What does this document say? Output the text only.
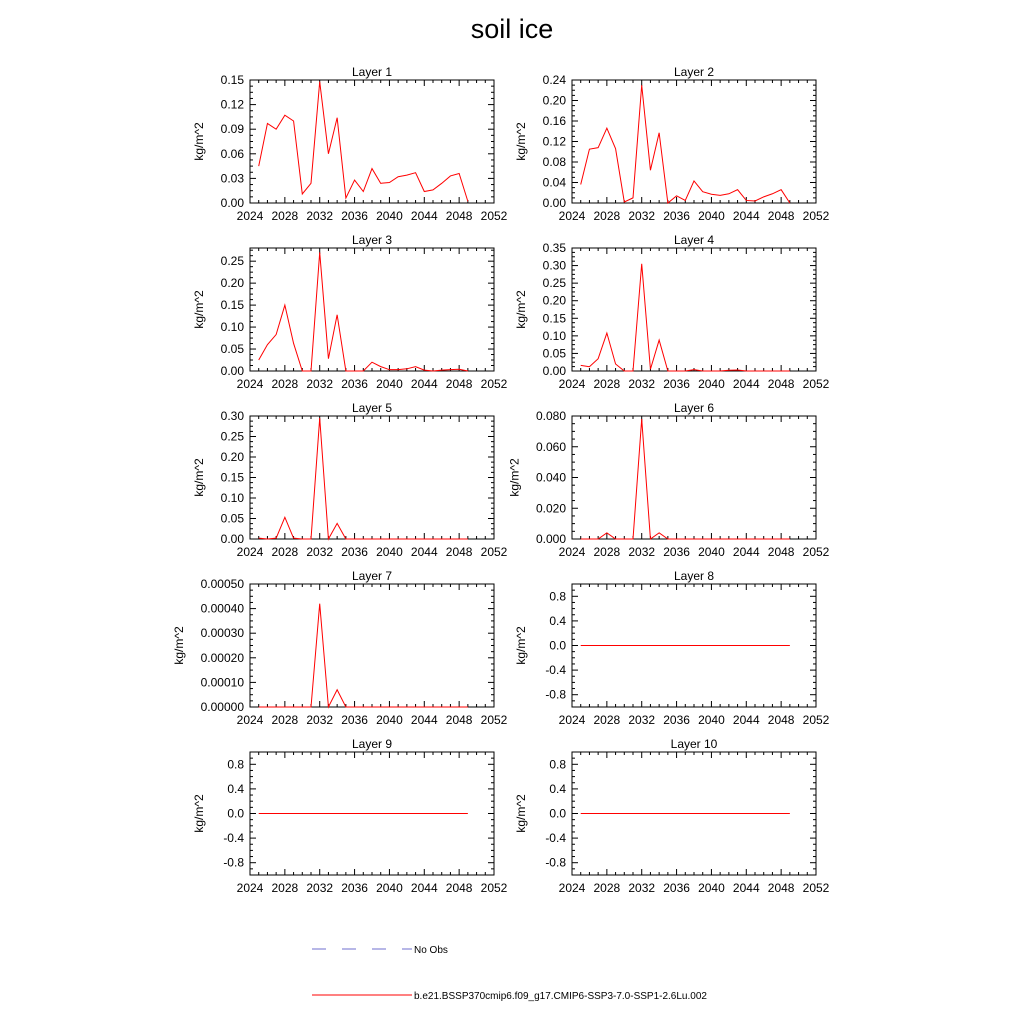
soil ice
Layer 1
2024 2028 2032 2036 2040 2044 2048 2052
0.00
0.03
0.06
0.09
0.12
0.15
kg/m^2
Layer 2
2024 2028 2032 2036 2040 2044 2048 2052
0.00
0.04
0.08
0.12
0.16
0.20
0.24
kg/m^2
Layer 3
2024 2028 2032 2036 2040 2044 2048 2052
0.00
0.05
0.10
0.15
0.20
0.25
kg/m^2
Layer 4
2024 2028 2032 2036 2040 2044 2048 2052
0.00
0.05
0.10
0.15
0.20
0.25
0.30
0.35
kg/m^2
Layer 5
2024 2028 2032 2036 2040 2044 2048 2052
0.00
0.05
0.10
0.15
0.20
0.25
0.30
kg/m^2
Layer 6
2024 2028 2032 2036 2040 2044 2048 2052
0.000
0.020
0.040
0.060
0.080
kg/m^2
Layer 7
2024 2028 2032 2036 2040 2044 2048 2052
0.00000
0.00010
0.00020
0.00030
0.00040
0.00050
kg/m^2
Layer 8
2024 2028 2032 2036 2040 2044 2048 2052
-0.8
-0.4
0.0
0.4
0.8
kg/m^2
Layer 9
2024 2028 2032 2036 2040 2044 2048 2052
-0.8
-0.4
0.0
0.4
0.8
kg/m^2
Layer 10
2024 2028 2032 2036 2040 2044 2048 2052
-0.8
-0.4
0.0
0.4
0.8
kg/m^2
No Obs
b.e21.BSSP370cmip6.f09_g17.CMIP6-SSP3-7.0-SSP1-2.6Lu.002
